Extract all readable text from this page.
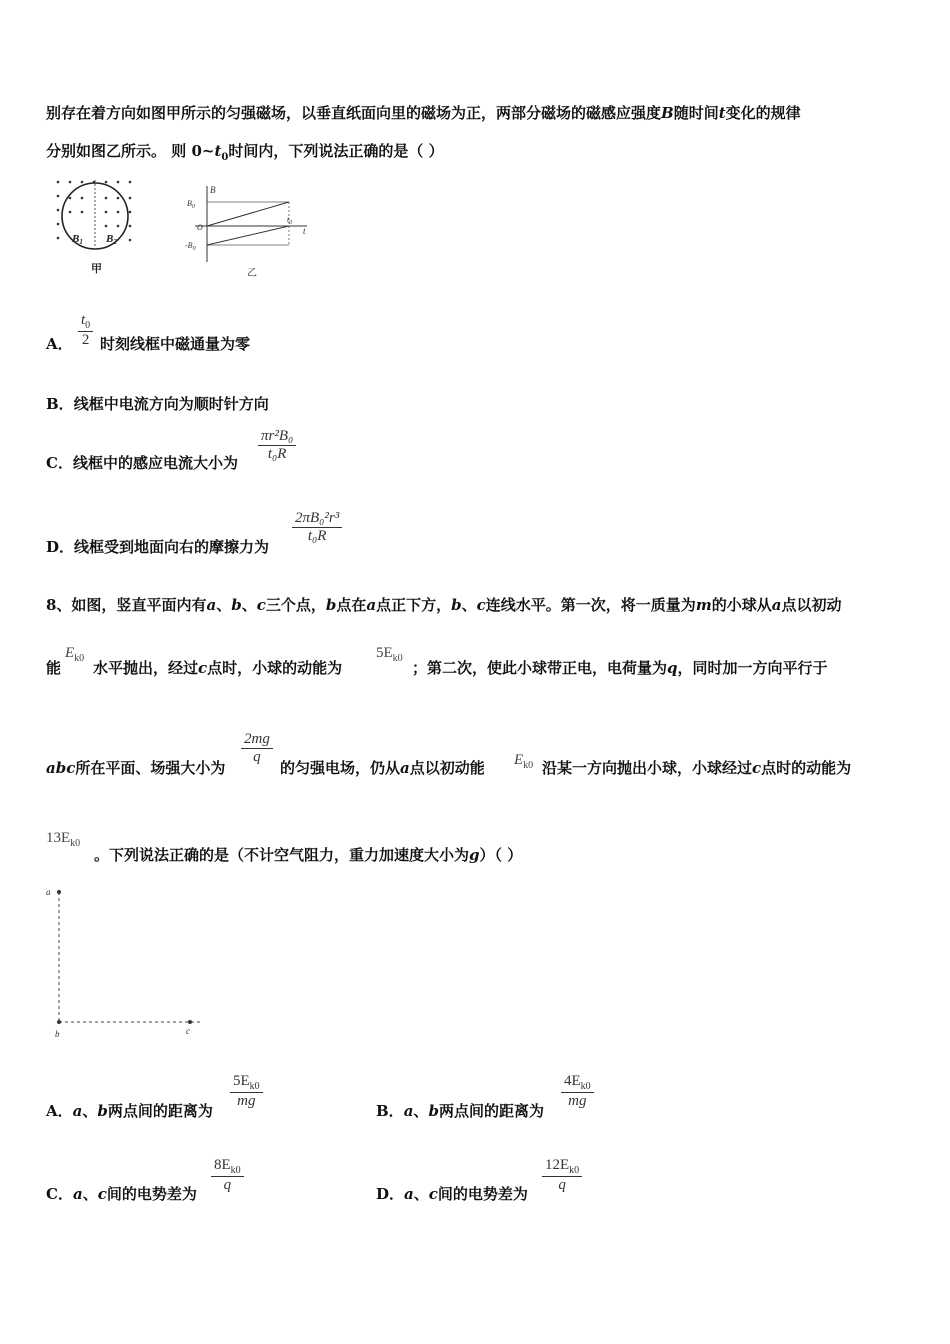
别存在着方向如图甲所示的匀强磁场，以垂直纸面向里的磁场为正，两部分磁场的磁感应强度B随时间t变化的规律
分别如图乙所示。 则 $0\sim t_0$时间内，下列说法正确的是（ ）
B1 B2
甲
B
t
$B_0$
O
$-B_0$
$t_0$
乙
A． $\frac{t_0}{2}$ 时刻线框中磁通量为零
B．线框中电流方向为顺时针方向
C．线框中的感应电流大小为 $\frac{\text{πr²B₀}}{\text{t₀R}}$
D．线框受到地面向右的摩擦力为
$\frac{\text{2πB₀²r³}}{\text{t₀R}}$
8、如图，竖直平面内有a、b、c三个点，b点在a点正下方，b、c连线水平。第一次，将一质量为m的小球从a点以初动
能
$E_{k0}$
水平抛出，经过c点时，小球的动能为
$5E_{k0}$
；第二次，使此小球带正电，电荷量为q，同时加一方向平行于
abc所在平面、场强大小为
$\frac{2mg}{q}$
的匀强电场，仍从a点以初动能 $E_{k0}$ 沿某一方向抛出小球，小球经过c点时的动能为
$13E_{k0}$
。下列说法正确的是（不计空气阻力，重力加速度大小为g）（ ）
a
b	c
A．a、b两点间的距离为
$\frac{5E_{k0}}{mg}$
B．a、b两点间的距离为
$\frac{4E_{k0}}{mg}$
C．a、c间的电势差为 $\frac{8E_{k0}}{q}$	D．a、c间的电势差为 $\frac{12E_{k0}}{q}$
